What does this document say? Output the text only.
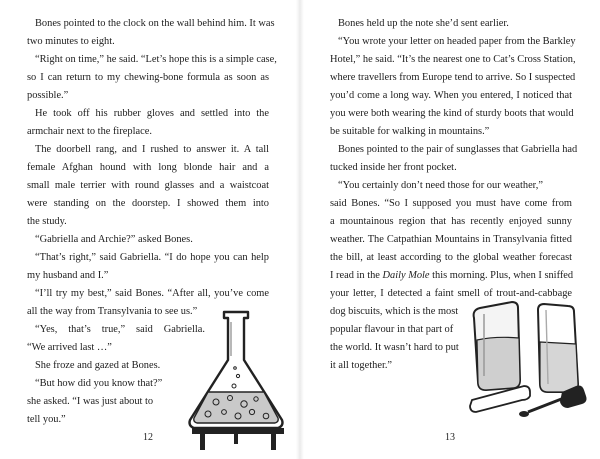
Bones pointed to the clock on the wall behind him. It was

two minutes to eight.

“Right on time,” he said. “Let’s hope this is a simple case,

so I can return to my chewing-bone formula as soon as

possible.”

He took off his rubber gloves and settled into the

armchair next to the fireplace.

The doorbell rang, and I rushed to answer it. A tall

female Afghan hound with long blonde hair and a

small male terrier with round glasses and a waistcoat

were standing on the doorstep. I showed them into

the study.

“Gabriella and Archie?” asked Bones.

“That’s right,” said Gabriella. “I do hope you can help

my husband and I.”

“I’ll try my best,” said Bones. “After all, you’ve come

all the way from Transylvania to see us.”

“Yes, that’s true,” said Gabriella.

“We arrived last …”

She froze and gazed at Bones.

“But how did you know that?”

she asked. “I was just about to

tell you.”

12

Bones held up the note she’d sent earlier.

“You wrote your letter on headed paper from the Barkley

Hotel,” he said. “It’s the nearest one to Cat’s Cross Station,

where travellers from Europe tend to arrive. So I suspected

you’d come a long way. When you entered, I noticed that

you were both wearing the kind of sturdy boots that would

be suitable for walking in mountains.”

Bones pointed to the pair of sunglasses that Gabriella had

tucked inside her front pocket.

“You certainly don’t need those for our weather,”

said Bones. “So I supposed you must have come from

a mountainous region that has recently enjoyed sunny

weather. The Catpathian Mountains in Transylvania fitted

the bill, at least according to the global weather forecast

I read in the Daily Mole this morning. Plus, when I sniffed

your letter, I detected a faint smell of trout-and-cabbage

dog biscuits, which is the most

popular flavour in that part of

the world. It wasn’t hard to put

it all together.”

13
